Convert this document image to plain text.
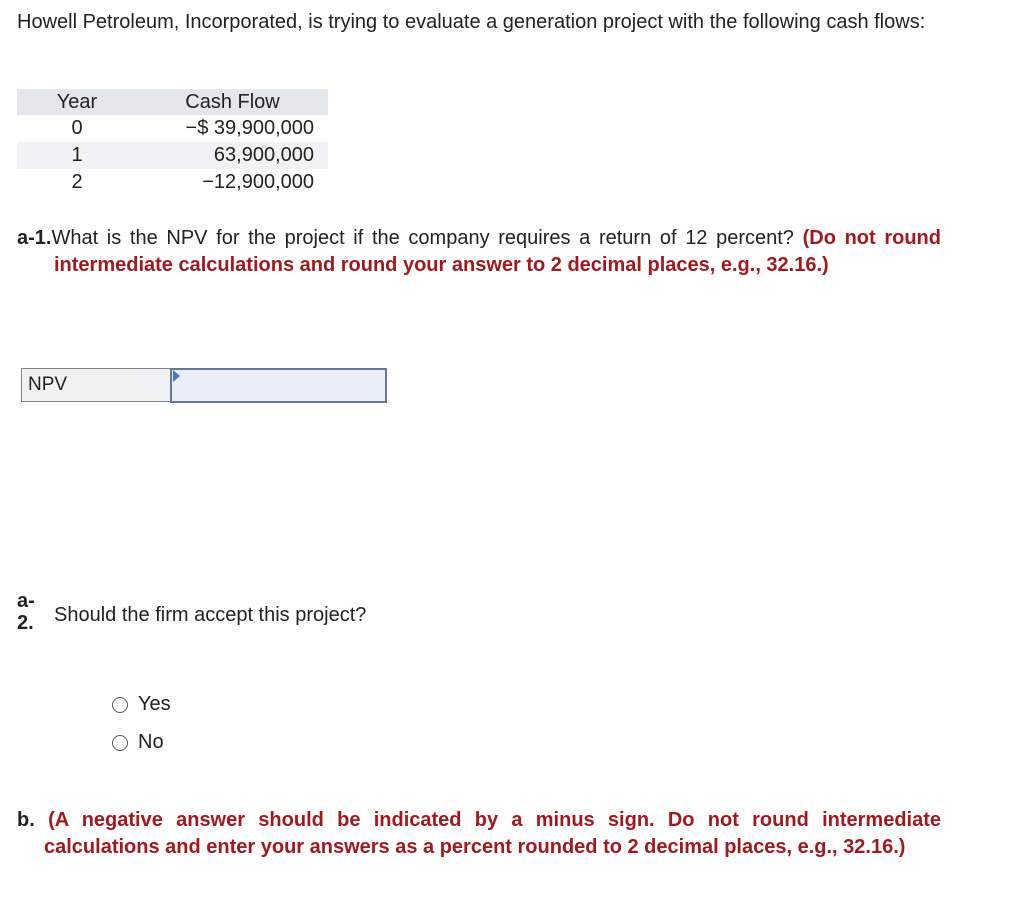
Howell Petroleum, Incorporated, is trying to evaluate a generation project with the following cash flows:

Year	Cash Flow
0	−$ 39,900,000
1	63,900,000
2	−12,900,000
a-1.What is the NPV for the project if the company requires a return of 12 percent? (Do not round intermediate calculations and round your answer to 2 decimal places, e.g., 32.16.)
NPV
a-
2. Should the firm accept this project?
Yes
No
b. (A negative answer should be indicated by a minus sign. Do not round intermediate calculations and enter your answers as a percent rounded to 2 decimal places, e.g., 32.16.)
